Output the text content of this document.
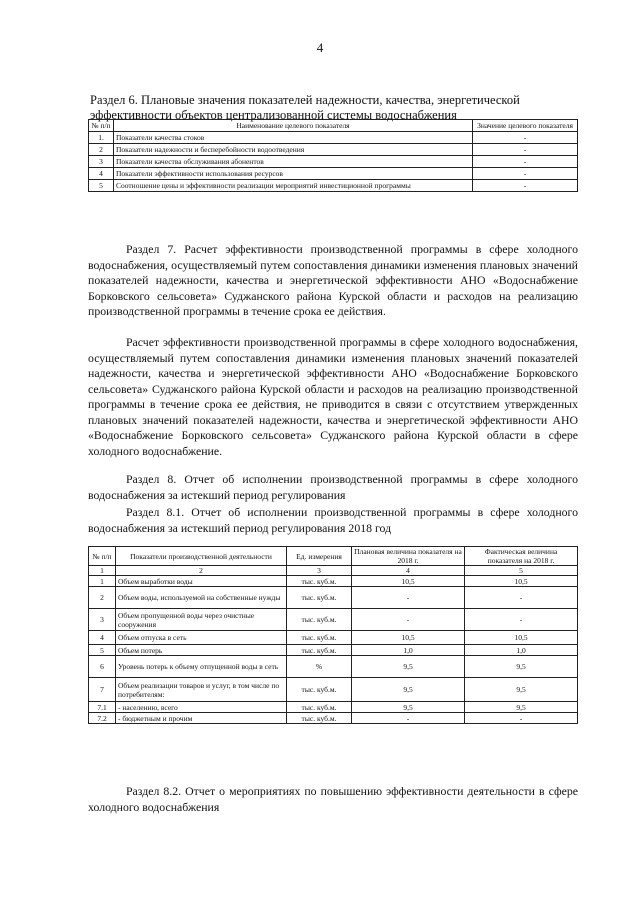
4
Раздел 6. Плановые значения показателей надежности, качества, энергетической эффективности объектов централизованной системы водоснабжения
№ п/п	Наименование целевого показателя	Значение целевого показателя
1.	Показатели качества стоков	-
2	Показатели надежности и бесперебойности водоотведения	-
3	Показатели качества обслуживания абонентов	-
4	Показатели эффективности использования ресурсов	-
5	Соотношение цены и эффективности реализации мероприятий инвестиционной программы	-
Раздел 7. Расчет эффективности производственной программы в сфере холодного водоснабжения, осуществляемый путем сопоставления динамики изменения плановых значений показателей надежности, качества и энергетической эффективности АНО «Водоснабжение Борковского сельсовета» Суджанского района Курской области и расходов на реализацию производственной программы в течение срока ее действия.
Расчет эффективности производственной программы в сфере холодного водоснабжения, осуществляемый путем сопоставления динамики изменения плановых значений показателей надежности, качества и энергетической эффективности АНО «Водоснабжение Борковского сельсовета» Суджанского района Курской области и расходов на реализацию производственной программы в течение срока ее действия, не приводится в связи с отсутствием утвержденных плановых значений показателей надежности, качества и энергетической эффективности АНО «Водоснабжение Борковского сельсовета» Суджанского района Курской области в сфере холодного водоснабжение.
Раздел 8. Отчет об исполнении производственной программы в сфере холодного водоснабжения за истекший период регулирования
Раздел 8.1. Отчет об исполнении производственной программы в сфере холодного водоснабжения за истекший период регулирования 2018 год
№ п/п	Показатели производственной деятельности	Ед. измерения	Плановая величина показателя на 2018 г.	Фактическая величина показателя на 2018 г.
1	2	3	4	5
1	Объем выработки воды	тыс. куб.м.	10,5	10,5
2	Объем воды, используемой на собственные нужды	тыс. куб.м.	-	-
3	Объем пропущенной воды через очистные сооружения	тыс. куб.м.	-	-
4	Объем отпуска в сеть	тыс. куб.м.	10,5	10,5
5	Объем потерь	тыс. куб.м.	1,0	1,0
6	Уровень потерь к объему отпущенной воды в сеть	%	9,5	9,5
7	Объем реализации товаров и услуг, в том числе по потребителям:	тыс. куб.м.	9,5	9,5
7.1	- населению, всего	тыс. куб.м.	9,5	9,5
7.2	- бюджетным и прочим	тыс. куб.м.	-	-
Раздел 8.2. Отчет о мероприятиях по повышению эффективности деятельности в сфере холодного водоснабжения
